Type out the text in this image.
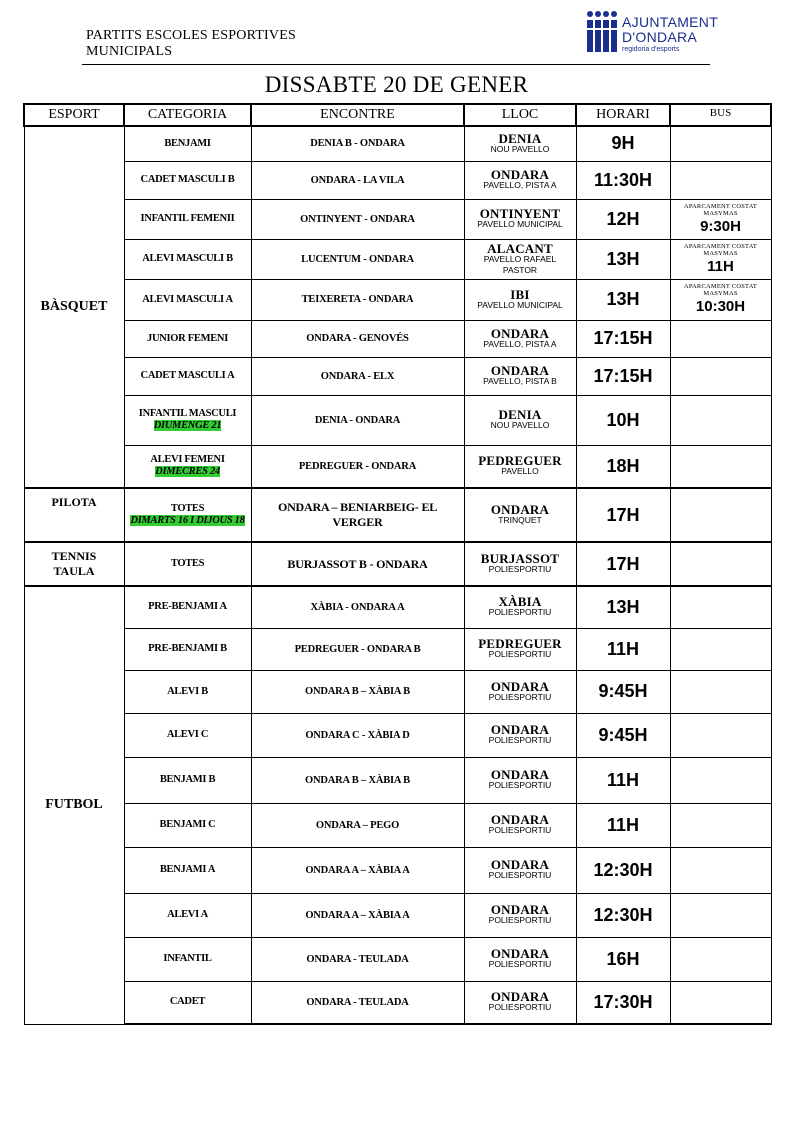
PARTITS ESCOLES ESPORTIVES
MUNICIPALS
AJUNTAMENT
D'ONDARA
regidoria d'esports
DISSABTE 20 DE GENER
ESPORT	CATEGORIA	ENCONTRE	LLOC	HORARI	BUS
BÀSQUET	BENJAMI	DENIA B - ONDARA	DENIA
NOU PAVELLO	9H	
	CADET MASCULI B	ONDARA - LA VILA	ONDARA
PAVELLO, PISTA A	11:30H	
	INFANTIL FEMENII	ONTINYENT - ONDARA	ONTINYENT
PAVELLO MUNICIPAL	12H	APARCAMENT COSTAT MASYMAS
9:30H

	ALEVI MASCULI B	LUCENTUM - ONDARA	ALACANT
PAVELLO RAFAEL PASTOR	13H	APARCAMENT COSTAT MASYMAS
11H

	ALEVI MASCULI A	TEIXERETA - ONDARA	IBI
PAVELLO MUNICIPAL	13H	APARCAMENT COSTAT MASYMAS
10:30H

	JUNIOR FEMENI	ONDARA - GENOVÉS	ONDARA
PAVELLO, PISTA A	17:15H	
	CADET MASCULI A	ONDARA - ELX	ONDARA
PAVELLO, PISTA B	17:15H	
	INFANTIL MASCULI
DIUMENGE 21	DENIA - ONDARA	DENIA
NOU PAVELLO	10H	
	ALEVI FEMENI
DIMECRES 24	PEDREGUER - ONDARA	PEDREGUER
PAVELLO	18H	
PILOTA	TOTES
DIMARTS 16 I DIJOUS 18	ONDARA – BENIARBEIG- EL VERGER	ONDARA
TRINQUET	17H	
TENNIS
TAULA	TOTES	BURJASSOT B - ONDARA	BURJASSOT
POLIESPORTIU	17H	
FUTBOL	PRE-BENJAMI A	XÀBIA - ONDARA A	XÀBIA
POLIESPORTIU	13H	
	PRE-BENJAMI B	PEDREGUER - ONDARA B	PEDREGUER
POLIESPORTIU	11H	
	ALEVI B	ONDARA B – XÀBIA B	ONDARA
POLIESPORTIU	9:45H	
	ALEVI C	ONDARA C - XÀBIA D	ONDARA
POLIESPORTIU	9:45H	
	BENJAMI B	ONDARA B – XÀBIA B	ONDARA
POLIESPORTIU	11H	
	BENJAMI C	ONDARA – PEGO	ONDARA
POLIESPORTIU	11H	
	BENJAMI A	ONDARA A – XÀBIA A	ONDARA
POLIESPORTIU	12:30H	
	ALEVI A	ONDARA A – XÀBIA A	ONDARA
POLIESPORTIU	12:30H	
	INFANTIL	ONDARA - TEULADA	ONDARA
POLIESPORTIU	16H	
	CADET	ONDARA - TEULADA	ONDARA
POLIESPORTIU	17:30H	
